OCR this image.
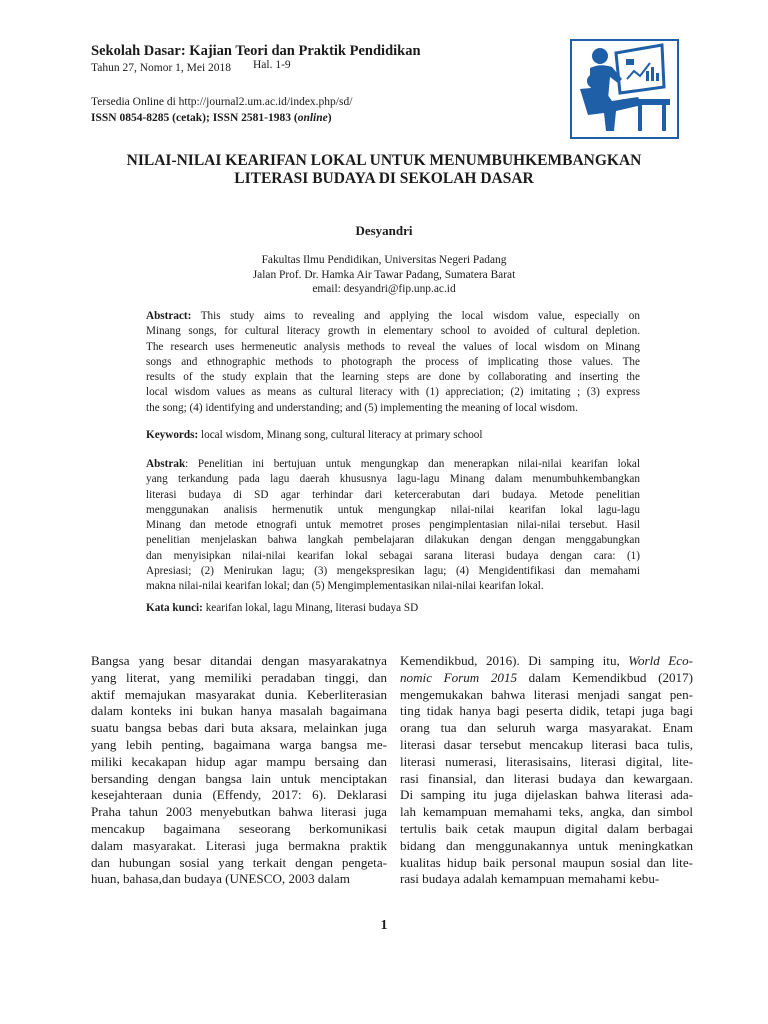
Sekolah Dasar: Kajian Teori dan Praktik Pendidikan
Tahun 27, Nomor 1, Mei 2018 Hal. 1-9
Tersedia Online di http://journal2.um.ac.id/index.php/sd/
ISSN 0854-8285 (cetak); ISSN 2581-1983 (online)
NILAI-NILAI KEARIFAN LOKAL UNTUK MENUMBUHKEMBANGKAN
LITERASI BUDAYA DI SEKOLAH DASAR
Desyandri
Fakultas Ilmu Pendidikan, Universitas Negeri Padang
Jalan Prof. Dr. Hamka Air Tawar Padang, Sumatera Barat
email: desyandri@fip.unp.ac.id
Abstract: This study aims to revealing and applying the local wisdom value, especially on
Minang songs, for cultural literacy growth in elementary school to avoided of cultural depletion.
The research uses hermeneutic analysis methods to reveal the values of local wisdom on Minang
songs and ethnographic methods to photograph the process of implicating those values. The
results of the study explain that the learning steps are done by collaborating and inserting the
local wisdom values as means as cultural literacy with (1) appreciation; (2) imitating ; (3) express
the song; (4) identifying and understanding; and (5) implementing the meaning of local wisdom.
Keywords: local wisdom, Minang song, cultural literacy at primary school
Abstrak: Penelitian ini bertujuan untuk mengungkap dan menerapkan nilai-nilai kearifan lokal
yang terkandung pada lagu daerah khususnya lagu-lagu Minang dalam menumbuhkembangkan
literasi budaya di SD agar terhindar dari ketercerabutan dari budaya. Metode penelitian
menggunakan analisis hermenutik untuk mengungkap nilai-nilai kearifan lokal lagu-lagu
Minang dan metode etnografi untuk memotret proses pengimplentasian nilai-nilai tersebut. Hasil
penelitian menjelaskan bahwa langkah pembelajaran dilakukan dengan dengan menggabungkan
dan menyisipkan nilai-nilai kearifan lokal sebagai sarana literasi budaya dengan cara: (1)
Apresiasi; (2) Menirukan lagu; (3) mengekspresikan lagu; (4) Mengidentifikasi dan memahami
makna nilai-nilai kearifan lokal; dan (5) Mengimplementasikan nilai-nilai kearifan lokal.
Kata kunci: kearifan lokal, lagu Minang, literasi budaya SD
Bangsa yang besar ditandai dengan masyarakatnya
yang literat, yang memiliki peradaban tinggi, dan
aktif memajukan masyarakat dunia. Keberliterasian
dalam konteks ini bukan hanya masalah bagaimana
suatu bangsa bebas dari buta aksara, melainkan juga
yang lebih penting, bagaimana warga bangsa me-
miliki kecakapan hidup agar mampu bersaing dan
bersanding dengan bangsa lain untuk menciptakan
kesejahteraan dunia (Effendy, 2017: 6). Deklarasi
Praha tahun 2003 menyebutkan bahwa literasi juga
mencakup bagaimana seseorang berkomunikasi
dalam masyarakat. Literasi juga bermakna praktik
dan hubungan sosial yang terkait dengan pengeta-
huan, bahasa,dan budaya (UNESCO, 2003 dalam
Kemendikbud, 2016). Di samping itu, World Eco-
nomic Forum 2015 dalam Kemendikbud (2017)
mengemukakan bahwa literasi menjadi sangat pen-
ting tidak hanya bagi peserta didik, tetapi juga bagi
orang tua dan seluruh warga masyarakat. Enam
literasi dasar tersebut mencakup literasi baca tulis,
literasi numerasi, literasisains, literasi digital, lite-
rasi finansial, dan literasi budaya dan kewargaan.
Di samping itu juga dijelaskan bahwa literasi ada-
lah kemampuan memahami teks, angka, dan simbol
tertulis baik cetak maupun digital dalam berbagai
bidang dan menggunakannya untuk meningkatkan
kualitas hidup baik personal maupun sosial dan lite-
rasi budaya adalah kemampuan memahami kebu-
1
